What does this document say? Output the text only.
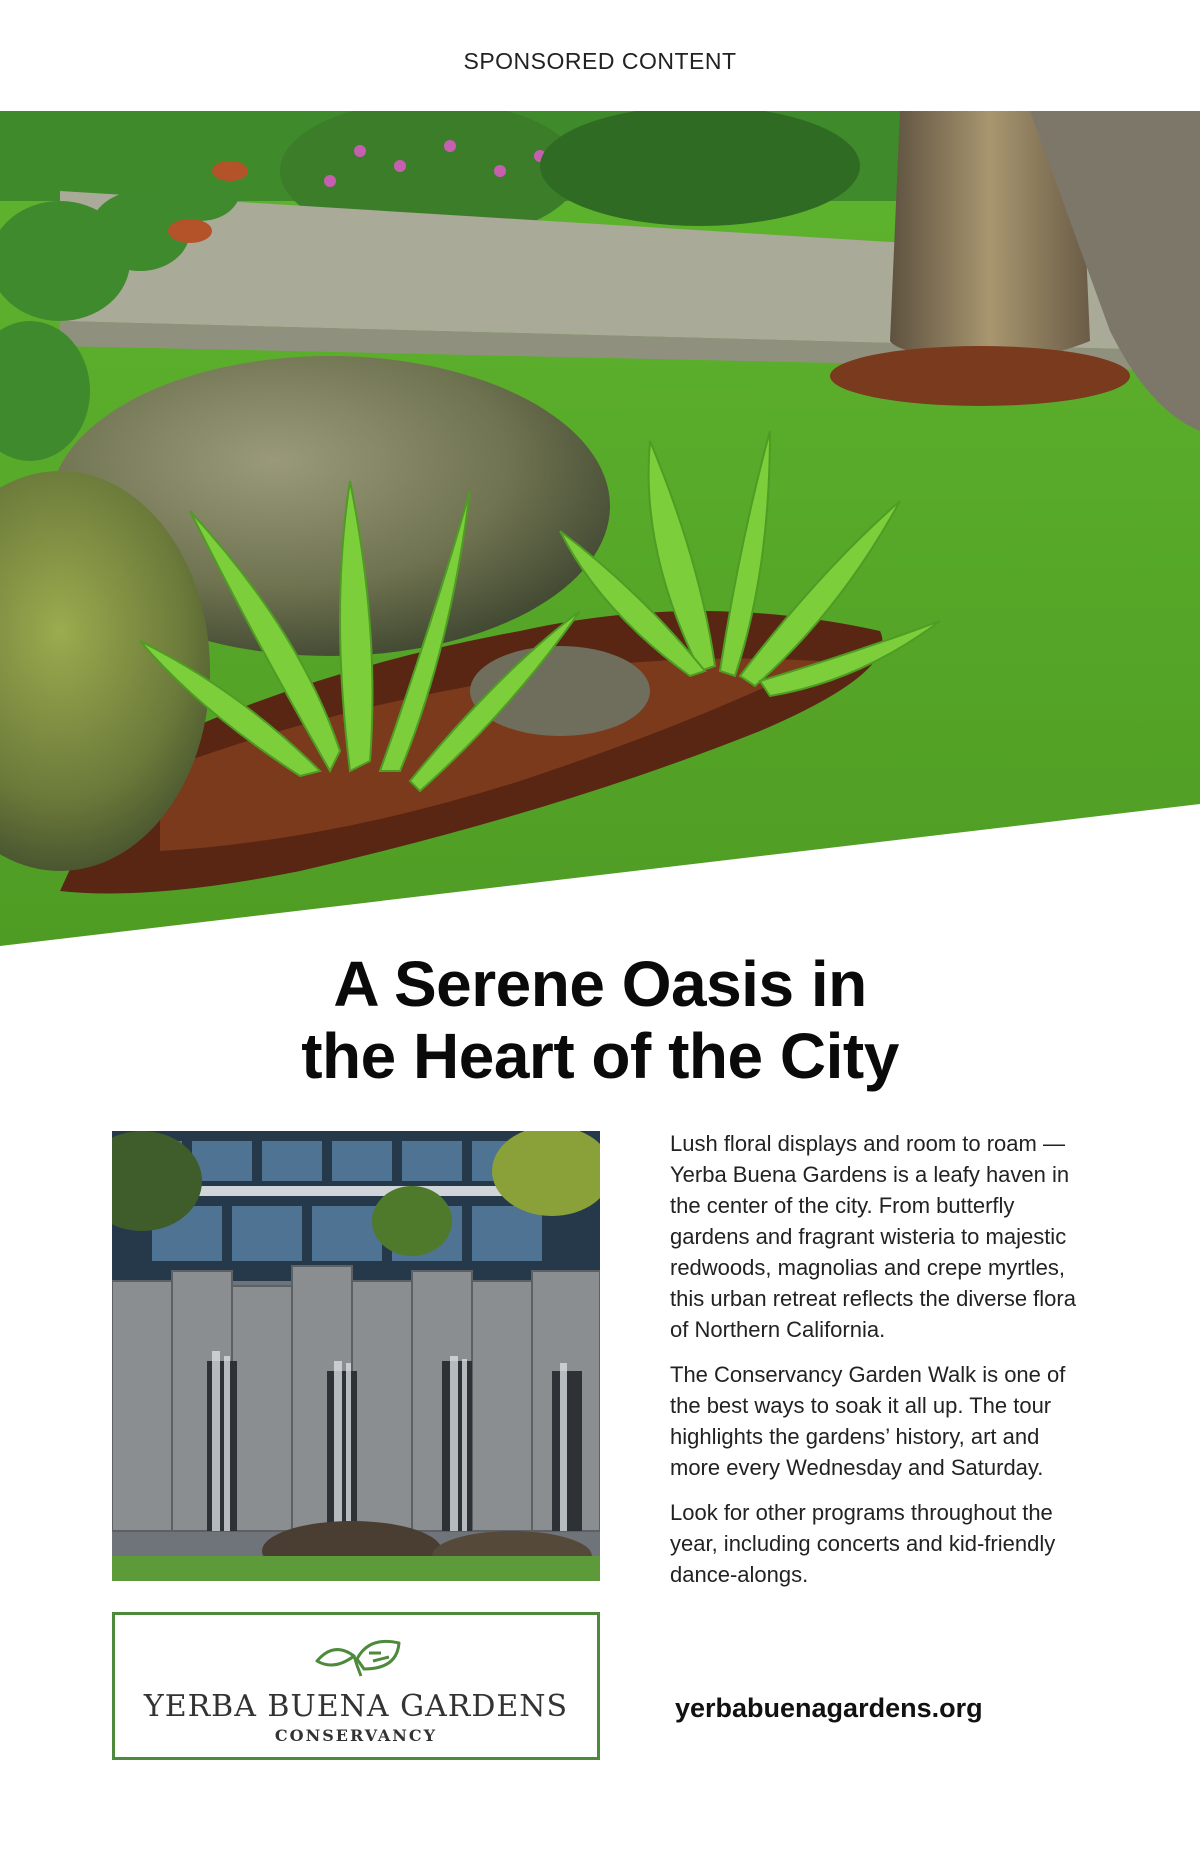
SPONSORED CONTENT
A Serene Oasis in
the Heart of the City
YERBA BUENA GARDENS
CONSERVANCY

Lush floral displays and room to roam — Yerba Buena Gardens is a leafy haven in the center of the city. From butterfly gardens and fragrant wisteria to majestic redwoods, magnolias and crepe myrtles, this urban retreat reflects the diverse flora of Northern California.

The Conservancy Garden Walk is one of the best ways to soak it all up. The tour highlights the gardens’ history, art and more every Wednesday and Saturday.

Look for other programs throughout the year, including concerts and kid-friendly dance-alongs.

yerbabuenagardens.org
